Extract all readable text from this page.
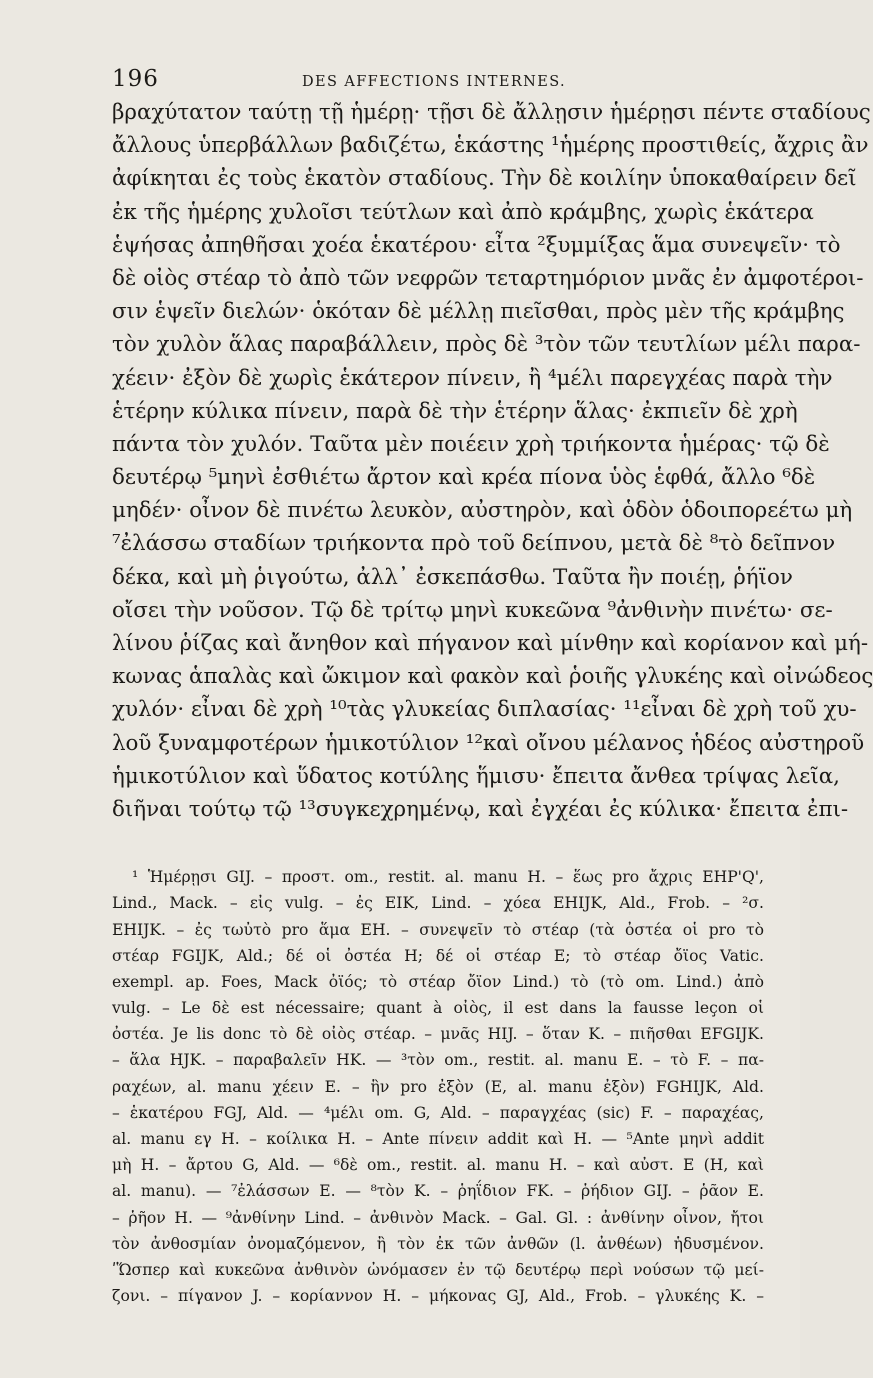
196	DES AFFECTIONS INTERNES.
βραχύτατον ταύτῃ τῇ ἡμέρῃ· τῇσι δὲ ἄλλῃσιν ἡμέρῃσι πέντε σταδίους
ἄλλους ὑπερβάλλων βαδιζέτω, ἑκάστης ¹ἡμέρης προστιθείς, ἄχρις ἂν
ἀφίκηται ἐς τοὺς ἑκατὸν σταδίους. Τὴν δὲ κοιλίην ὑποκαθαίρειν δεῖ
ἐκ τῆς ἡμέρης χυλοῖσι τεύτλων καὶ ἀπὸ κράμβης, χωρὶς ἑκάτερα
ἑψήσας ἀπηθῆσαι χοέα ἑκατέρου· εἶτα ²ξυμμίξας ἅμα συνεψεῖν· τὸ
δὲ οἰὸς στέαρ τὸ ἀπὸ τῶν νεφρῶν τεταρτημόριον μνᾶς ἐν ἀμφοτέροι-
σιν ἑψεῖν διελών· ὁκόταν δὲ μέλλῃ πιεῖσθαι, πρὸς μὲν τῆς κράμβης
τὸν χυλὸν ἅλας παραβάλλειν, πρὸς δὲ ³τὸν τῶν τευτλίων μέλι παρα-
χέειν· ἐξὸν δὲ χωρὶς ἑκάτερον πίνειν, ἢ ⁴μέλι παρεγχέας παρὰ τὴν
ἑτέρην κύλικα πίνειν, παρὰ δὲ τὴν ἑτέρην ἅλας· ἐκπιεῖν δὲ χρὴ
πάντα τὸν χυλόν. Ταῦτα μὲν ποιέειν χρὴ τριήκοντα ἡμέρας· τῷ δὲ
δευτέρῳ ⁵μηνὶ ἐσθιέτω ἄρτον καὶ κρέα πίονα ὑὸς ἑφθά, ἄλλο ⁶δὲ
μηδέν· οἶνον δὲ πινέτω λευκὸν, αὐστηρὸν, καὶ ὁδὸν ὁδοιπορεέτω μὴ
⁷ἐλάσσω σταδίων τριήκοντα πρὸ τοῦ δείπνου, μετὰ δὲ ⁸τὸ δεῖπνον
δέκα, καὶ μὴ ῥιγούτω, ἀλλ᾽ ἐσκεπάσθω. Ταῦτα ἢν ποιέῃ, ῥήϊον
οἴσει τὴν νοῦσον. Τῷ δὲ τρίτῳ μηνὶ κυκεῶνα ⁹ἀνθινὴν πινέτω· σε-
λίνου ῥίζας καὶ ἄνηθον καὶ πήγανον καὶ μίνθην καὶ κορίανον καὶ μή-
κωνας ἁπαλὰς καὶ ὤκιμον καὶ φακὸν καὶ ῥοιῆς γλυκέης καὶ οἰνώδεος
χυλόν· εἶναι δὲ χρὴ ¹⁰τὰς γλυκείας διπλασίας· ¹¹εἶναι δὲ χρὴ τοῦ χυ-
λοῦ ξυναμφοτέρων ἡμικοτύλιον ¹²καὶ οἴνου μέλανος ἡδέος αὐστηροῦ
ἡμικοτύλιον καὶ ὕδατος κοτύλης ἥμισυ· ἔπειτα ἄνθεα τρίψας λεῖα,
διῆναι τούτῳ τῷ ¹³συγκεχρημένῳ, καὶ ἐγχέαι ἐς κύλικα· ἔπειτα ἐπι-
¹ Ἡμέρῃσι GIJ. – προστ. om., restit. al. manu H. – ἕως pro ἄχρις EHP'Q',
Lind., Mack. – εἰς vulg. – ἐς EIK, Lind. – χόεα EHIJK, Ald., Frob. – ²σ.
EHIJK. – ἐς τωὐτὸ pro ἅμα EH. – συνεψεῖν τὸ στέαρ (τὰ ὀστέα οἱ pro τὸ
στέαρ FGIJK, Ald.; δέ οἱ ὀστέα H; δέ οἱ στέαρ E; τὸ στέαρ ὄϊος Vatic.
exempl. ap. Foes, Mack ὀϊός; τὸ στέαρ ὄϊον Lind.) τὸ (τὸ om. Lind.) ἀπὸ
vulg. – Le δὲ est nécessaire; quant à οἰὸς, il est dans la fausse leçon οἱ
ὀστέα. Je lis donc τὸ δὲ οἰὸς στέαρ. – μνᾶς HIJ. – ὅταν K. – πιῆσθαι EFGIJK.
– ἅλα HJK. – παραβαλεῖν HK. — ³τὸν om., restit. al. manu E. – τὸ F. – πα-
ραχέων, al. manu χέειν E. – ἣν pro ἐξὸν (E, al. manu ἐξὸν) FGHIJK, Ald.
– ἑκατέρου FGJ, Ald. — ⁴μέλι om. G, Ald. – παραγχέας (sic) F. – παραχέας,
al. manu εγ H. – κοίλικα H. – Ante πίνειν addit καὶ H. — ⁵Ante μηνὶ addit
μὴ H. – ἄρτου G, Ald. — ⁶δὲ om., restit. al. manu H. – καὶ αὐστ. E (H, καὶ
al. manu). — ⁷ἐλάσσων E. — ⁸τὸν K. – ῥηΐδιον FK. – ῥήδιον GIJ. – ῥᾶον E.
– ῥῆον H. — ⁹ἀνθίνην Lind. – ἀνθινὸν Mack. – Gal. Gl. : ἀνθίνην οἶνον, ἤτοι
τὸν ἀνθοσμίαν ὀνομαζόμενον, ἢ τὸν ἐκ τῶν ἀνθῶν (l. ἀνθέων) ἡδυσμένον.
ʹὭσπερ καὶ κυκεῶνα ἀνθινὸν ὠνόμασεν ἐν τῷ δευτέρῳ περὶ νούσων τῷ μεί-
ζονι. – πίγανον J. – κορίαννον H. – μήκονας GJ, Ald., Frob. – γλυκέης K. –
